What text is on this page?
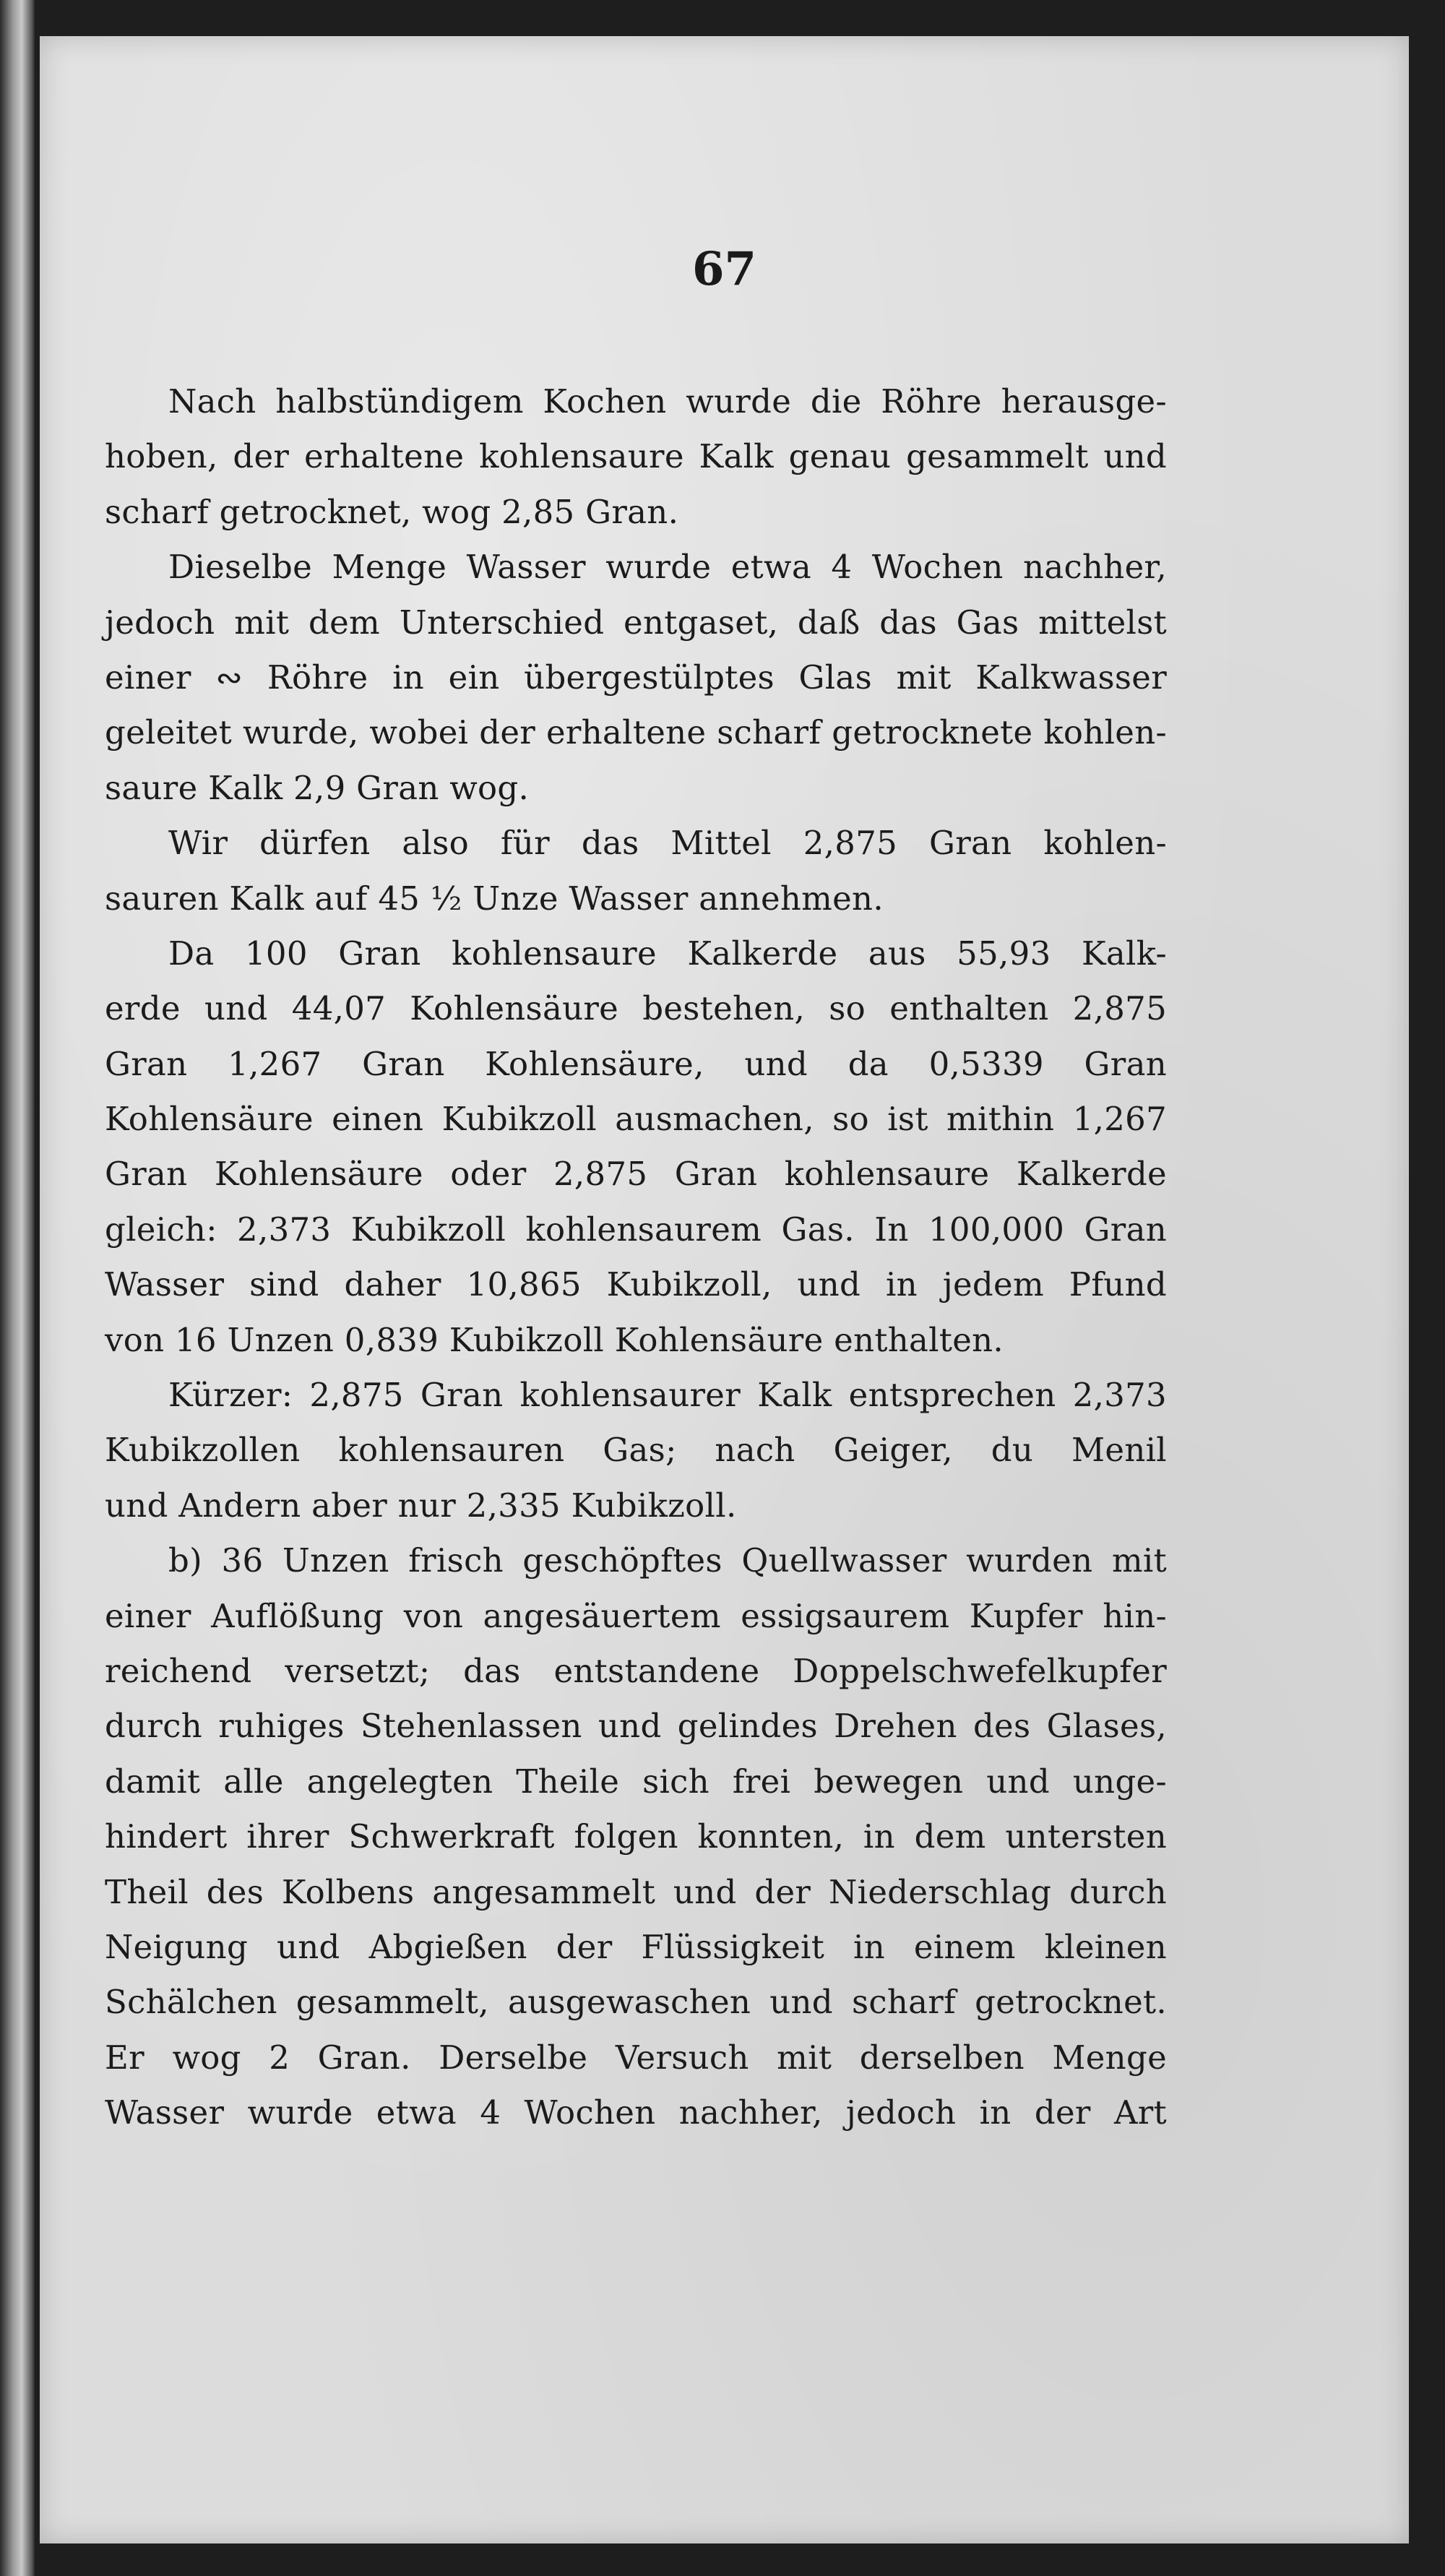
67
Nach halbstündigem Kochen wurde die Röhre herausge-
hoben, der erhaltene kohlensaure Kalk genau gesammelt und
scharf getrocknet, wog 2,85 Gran.
Dieselbe Menge Wasser wurde etwa 4 Wochen nachher,
jedoch mit dem Unterschied entgaset, daß das Gas mittelst
einer ∾ Röhre in ein übergestülptes Glas mit Kalkwasser
geleitet wurde, wobei der erhaltene scharf getrocknete kohlen-
saure Kalk 2,9 Gran wog.
Wir dürfen also für das Mittel 2,875 Gran kohlen-
sauren Kalk auf 45 ½ Unze Wasser annehmen.
Da 100 Gran kohlensaure Kalkerde aus 55,93 Kalk-
erde und 44,07 Kohlensäure bestehen, so enthalten 2,875
Gran 1,267 Gran Kohlensäure, und da 0,5339 Gran
Kohlensäure einen Kubikzoll ausmachen, so ist mithin 1,267
Gran Kohlensäure oder 2,875 Gran kohlensaure Kalkerde
gleich: 2,373 Kubikzoll kohlensaurem Gas. In 100,000 Gran
Wasser sind daher 10,865 Kubikzoll, und in jedem Pfund
von 16 Unzen 0,839 Kubikzoll Kohlensäure enthalten.
Kürzer: 2,875 Gran kohlensaurer Kalk entsprechen 2,373
Kubikzollen kohlensauren Gas; nach Geiger, du Menil
und Andern aber nur 2,335 Kubikzoll.
b) 36 Unzen frisch geschöpftes Quellwasser wurden mit
einer Auflößung von angesäuertem essigsaurem Kupfer hin-
reichend versetzt; das entstandene Doppelschwefelkupfer
durch ruhiges Stehenlassen und gelindes Drehen des Glases,
damit alle angelegten Theile sich frei bewegen und unge-
hindert ihrer Schwerkraft folgen konnten, in dem untersten
Theil des Kolbens angesammelt und der Niederschlag durch
Neigung und Abgießen der Flüssigkeit in einem kleinen
Schälchen gesammelt, ausgewaschen und scharf getrocknet.
Er wog 2 Gran. Derselbe Versuch mit derselben Menge
Wasser wurde etwa 4 Wochen nachher, jedoch in der Art
